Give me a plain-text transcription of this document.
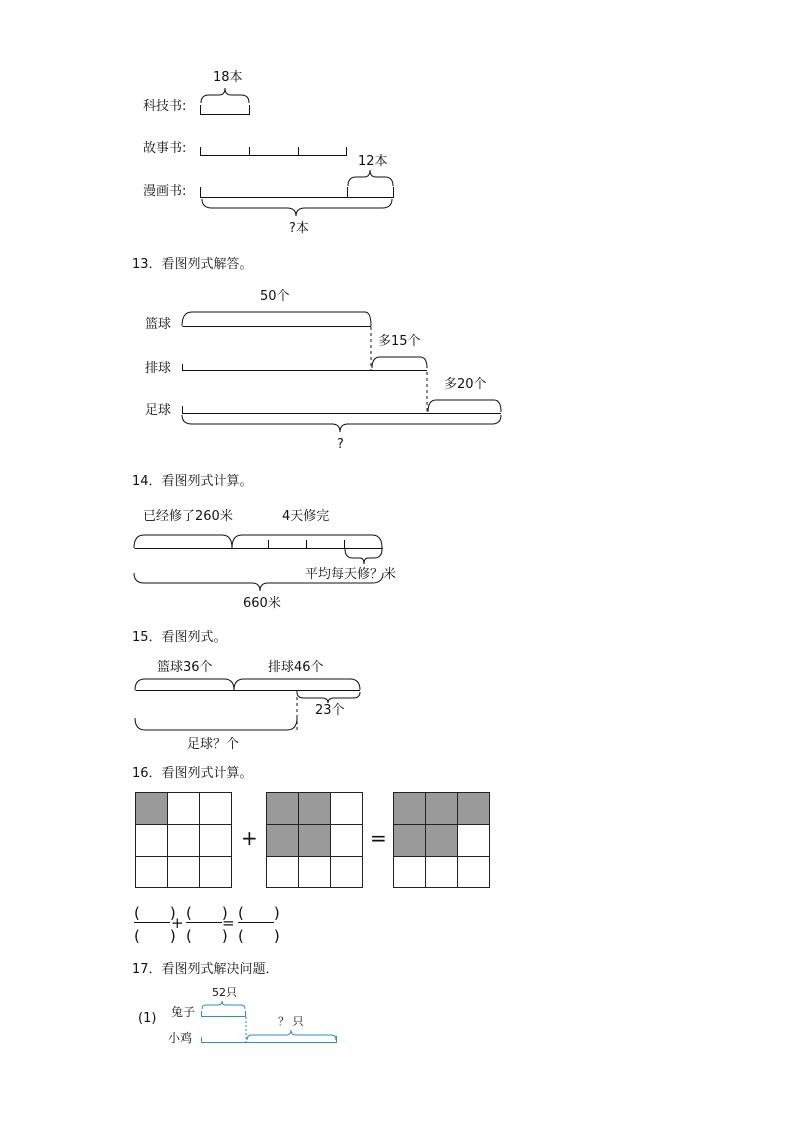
18本
科技书:
故事书:
12本
漫画书:
?本
13．看图列式解答。
50个
篮球
多15个
排球
多20个
足球
?
14．看图列式计算。
已经修了260米	4天修完
平均每天修？米
660米
15．看图列式。
篮球36个	排球46个
23个
足球？个
16．看图列式计算。
+	=
(　　)
(　　)
+
(　　)
(　　)
=
(　　)
(　　)
17．看图列式解决问题．
52只
(1) 兔子
？ 只
小鸡
